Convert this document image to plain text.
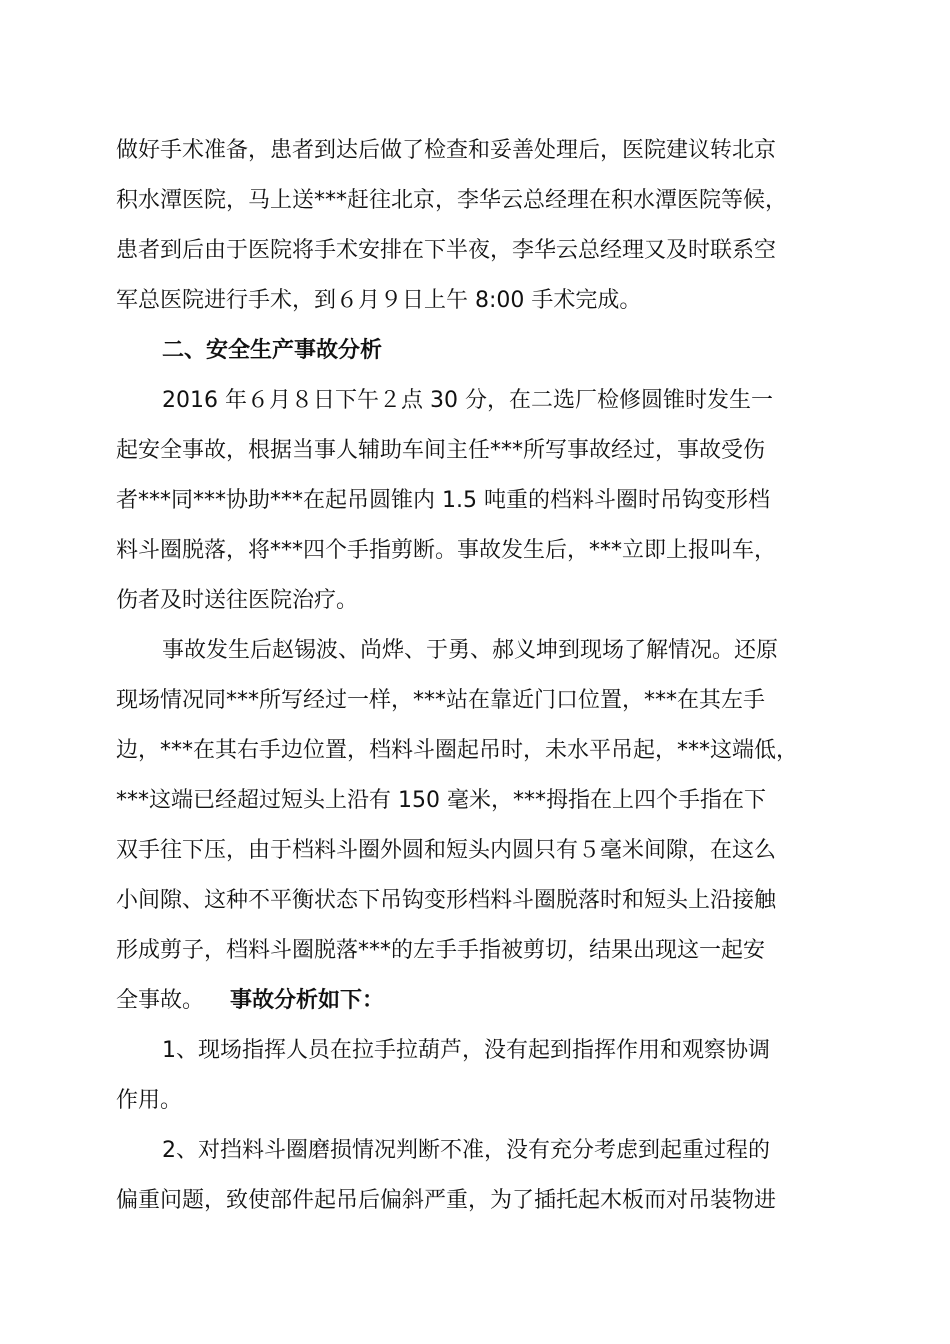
做好手术准备，患者到达后做了检查和妥善处理后，医院建议转北京
积水潭医院，马上送***赶往北京，李华云总经理在积水潭医院等候，
患者到后由于医院将手术安排在下半夜，李华云总经理又及时联系空
军总医院进行手术，到６月９日上午 8:00 手术完成。
二、安全生产事故分析
2016 年６月８日下午２点 30 分，在二选厂检修圆锥时发生一
起安全事故，根据当事人辅助车间主任***所写事故经过，事故受伤
者***同***协助***在起吊圆锥内 1.5 吨重的档料斗圈时吊钩变形档
料斗圈脱落，将***四个手指剪断。事故发生后，***立即上报叫车，
伤者及时送往医院治疗。
事故发生后赵锡波、尚烨、于勇、郝义坤到现场了解情况。还原
现场情况同***所写经过一样，***站在靠近门口位置，***在其左手
边，***在其右手边位置，档料斗圈起吊时，未水平吊起，***这端低，
***这端已经超过短头上沿有 150 毫米，***拇指在上四个手指在下
双手往下压，由于档料斗圈外圆和短头内圆只有５毫米间隙，在这么
小间隙、这种不平衡状态下吊钩变形档料斗圈脱落时和短头上沿接触
形成剪子，档料斗圈脱落***的左手手指被剪切，结果出现这一起安
全事故。 事故分析如下：
1、现场指挥人员在拉手拉葫芦，没有起到指挥作用和观察协调
作用。
2、对挡料斗圈磨损情况判断不准，没有充分考虑到起重过程的
偏重问题，致使部件起吊后偏斜严重，为了插托起木板而对吊装物进
